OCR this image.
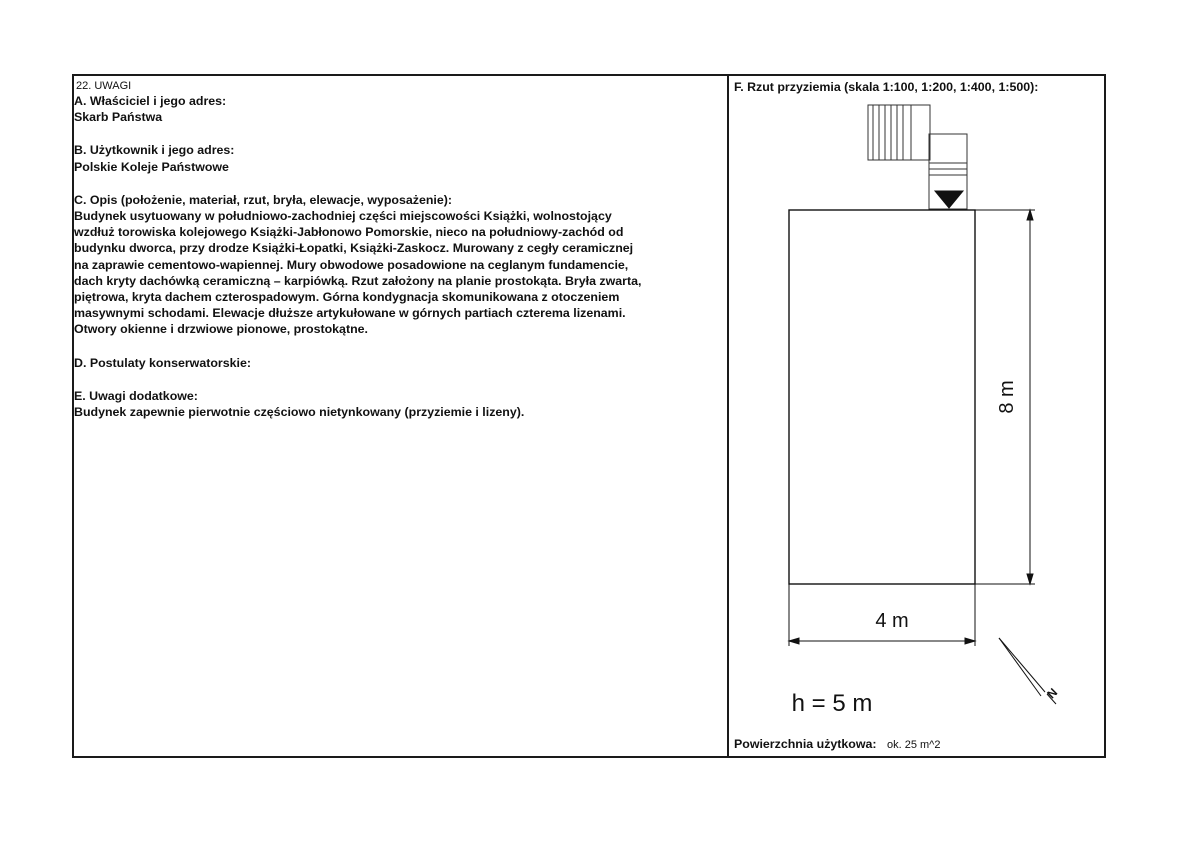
22. UWAGI
A. Właściciel i jego adres:
Skarb Państwa
B. Użytkownik i jego adres:
Polskie Koleje Państwowe
C. Opis (położenie, materiał, rzut, bryła, elewacje, wyposażenie):
Budynek usytuowany w południowo-zachodniej części miejscowości Książki, wolnostojący
wzdłuż torowiska kolejowego Książki-Jabłonowo Pomorskie, nieco na południowy-zachód od
budynku dworca, przy drodze Książki-Łopatki, Książki-Zaskocz. Murowany z cegły ceramicznej
na zaprawie cementowo-wapiennej. Mury obwodowe posadowione na ceglanym fundamencie,
dach kryty dachówką ceramiczną – karpiówką. Rzut założony na planie prostokąta. Bryła zwarta,
piętrowa, kryta dachem czterospadowym. Górna kondygnacja skomunikowana z otoczeniem
masywnymi schodami. Elewacje dłuższe artykułowane w górnych partiach czterema lizenami.
Otwory okienne i drzwiowe pionowe, prostokątne.
D. Postulaty konserwatorskie:
E. Uwagi dodatkowe:
Budynek zapewnie pierwotnie częściowo nietynkowany (przyziemie i lizeny).
F. Rzut przyziemia (skala 1:100, 1:200, 1:400, 1:500):
8 m
4 m
h = 5 m	N
Powierzchnia użytkowa: ok. 25 m^2
